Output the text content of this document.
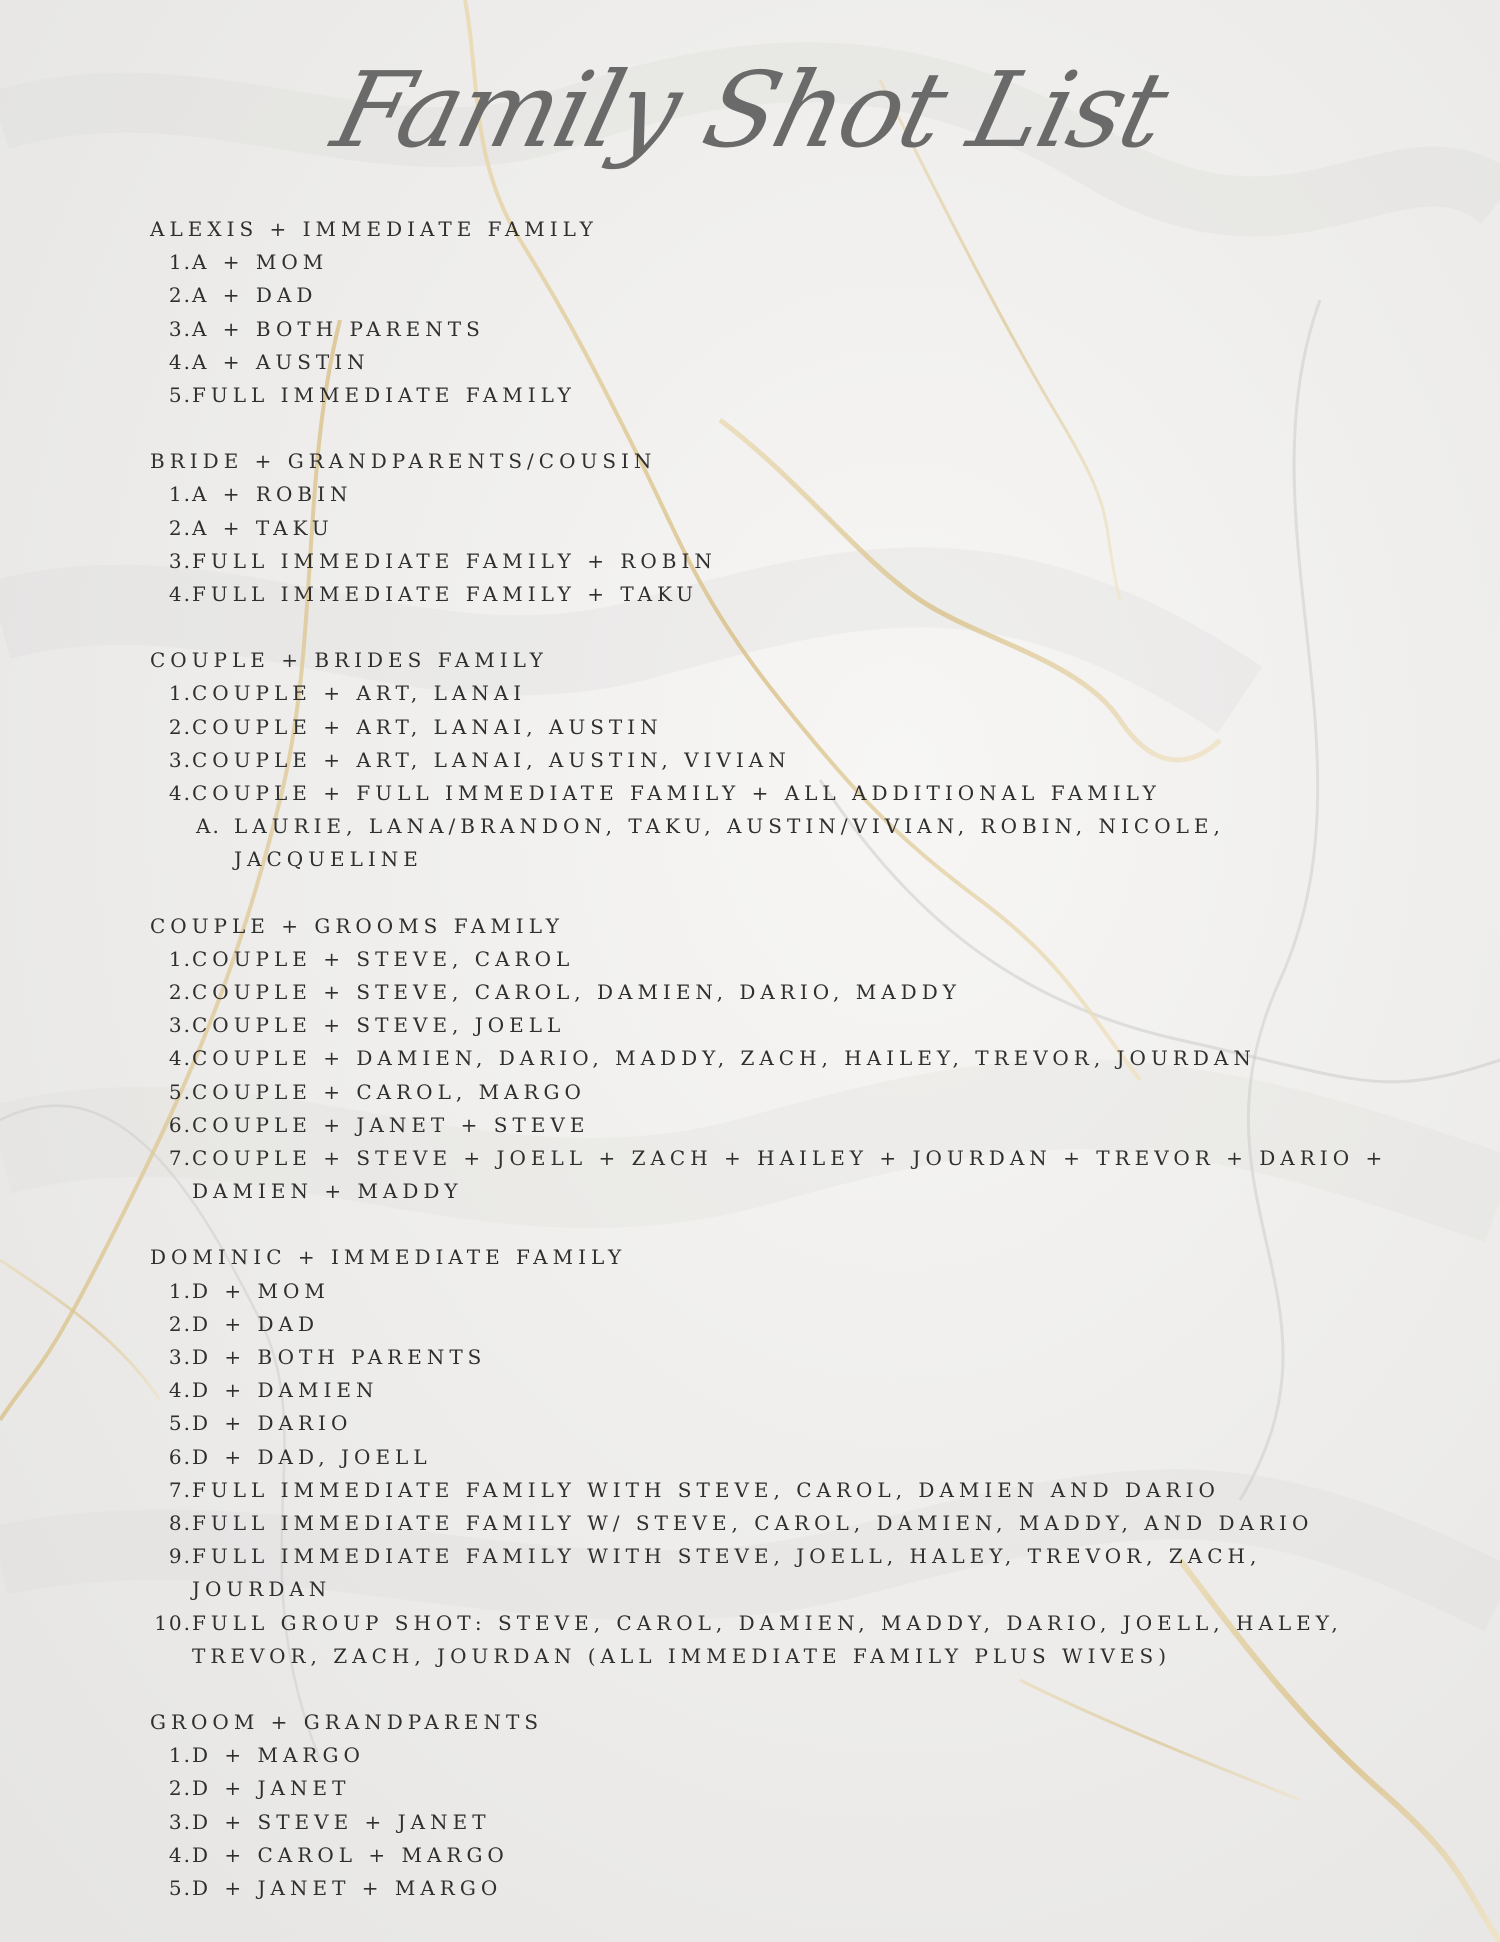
Family Shot List
ALEXIS + IMMEDIATE FAMILY
1. A + MOM
2. A + DAD
3. A + BOTH PARENTS
4. A + AUSTIN
5. FULL IMMEDIATE FAMILY
BRIDE + GRANDPARENTS/COUSIN
1. A + ROBIN
2. A + TAKU
3. FULL IMMEDIATE FAMILY + ROBIN
4. FULL IMMEDIATE FAMILY + TAKU
COUPLE + BRIDES FAMILY
1. COUPLE + ART, LANAI
2. COUPLE + ART, LANAI, AUSTIN
3. COUPLE + ART, LANAI, AUSTIN, VIVIAN
4. COUPLE + FULL IMMEDIATE FAMILY + ALL ADDITIONAL FAMILY
A. LAURIE, LANA/BRANDON, TAKU, AUSTIN/VIVIAN, ROBIN, NICOLE, JACQUELINE
COUPLE + GROOMS FAMILY
1. COUPLE + STEVE, CAROL
2. COUPLE + STEVE, CAROL, DAMIEN, DARIO, MADDY
3. COUPLE + STEVE, JOELL
4. COUPLE + DAMIEN, DARIO, MADDY, ZACH, HAILEY, TREVOR, JOURDAN
5. COUPLE + CAROL, MARGO
6. COUPLE + JANET + STEVE
7. COUPLE + STEVE + JOELL + ZACH + HAILEY + JOURDAN + TREVOR + DARIO + DAMIEN + MADDY
DOMINIC + IMMEDIATE FAMILY
1. D + MOM
2. D + DAD
3. D + BOTH PARENTS
4. D + DAMIEN
5. D + DARIO
6. D + DAD, JOELL
7. FULL IMMEDIATE FAMILY WITH STEVE, CAROL, DAMIEN AND DARIO
8. FULL IMMEDIATE FAMILY W/ STEVE, CAROL, DAMIEN, MADDY, AND DARIO
9. FULL IMMEDIATE FAMILY WITH STEVE, JOELL, HALEY, TREVOR, ZACH, JOURDAN
10. FULL GROUP SHOT: STEVE, CAROL, DAMIEN, MADDY, DARIO, JOELL, HALEY, TREVOR, ZACH, JOURDAN (ALL IMMEDIATE FAMILY PLUS WIVES)
GROOM + GRANDPARENTS
1. D + MARGO
2. D + JANET
3. D + STEVE + JANET
4. D + CAROL + MARGO
5. D + JANET + MARGO
